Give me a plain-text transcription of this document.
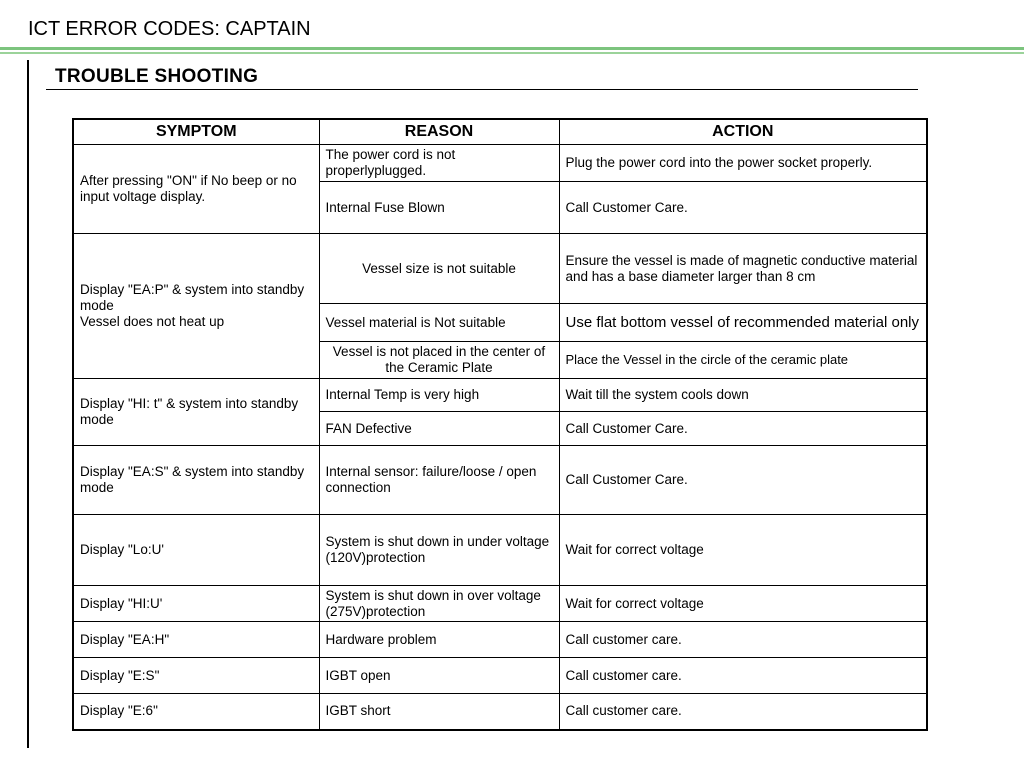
ICT ERROR CODES: CAPTAIN
TROUBLE SHOOTING
SYMPTOM	REASON	ACTION
After pressing "ON" if No beep or no input voltage display.	The power cord is not properlyplugged.	Plug the power cord into the power socket properly.
	Internal Fuse Blown	Call Customer Care.

Display "EA:P" & system into standby mode
Vessel does not heat up	Vessel size is not suitable	Ensure the vessel is made of magnetic conductive material and has a base diameter larger than 8 cm
	Vessel material is Not suitable	Use flat bottom vessel of recommended material only
	Vessel is not placed in the center of the Ceramic Plate	Place the Vessel in the circle of the ceramic plate
Display "HI: t" & system into standby mode	Internal Temp is very high	Wait till the system cools down
	FAN Defective	Call Customer Care.
Display "EA:S" & system into standby mode	Internal sensor: failure/loose / open connection	Call Customer Care.
Display "Lo:U'	System is shut down in under voltage (120V)protection	Wait for correct voltage
Display "HI:U'	System is shut down in over voltage (275V)protection	Wait for correct voltage
Display "EA:H"	Hardware problem	Call customer care.
Display "E:S"	IGBT open	Call customer care.
Display "E:6"	IGBT short	Call customer care.
